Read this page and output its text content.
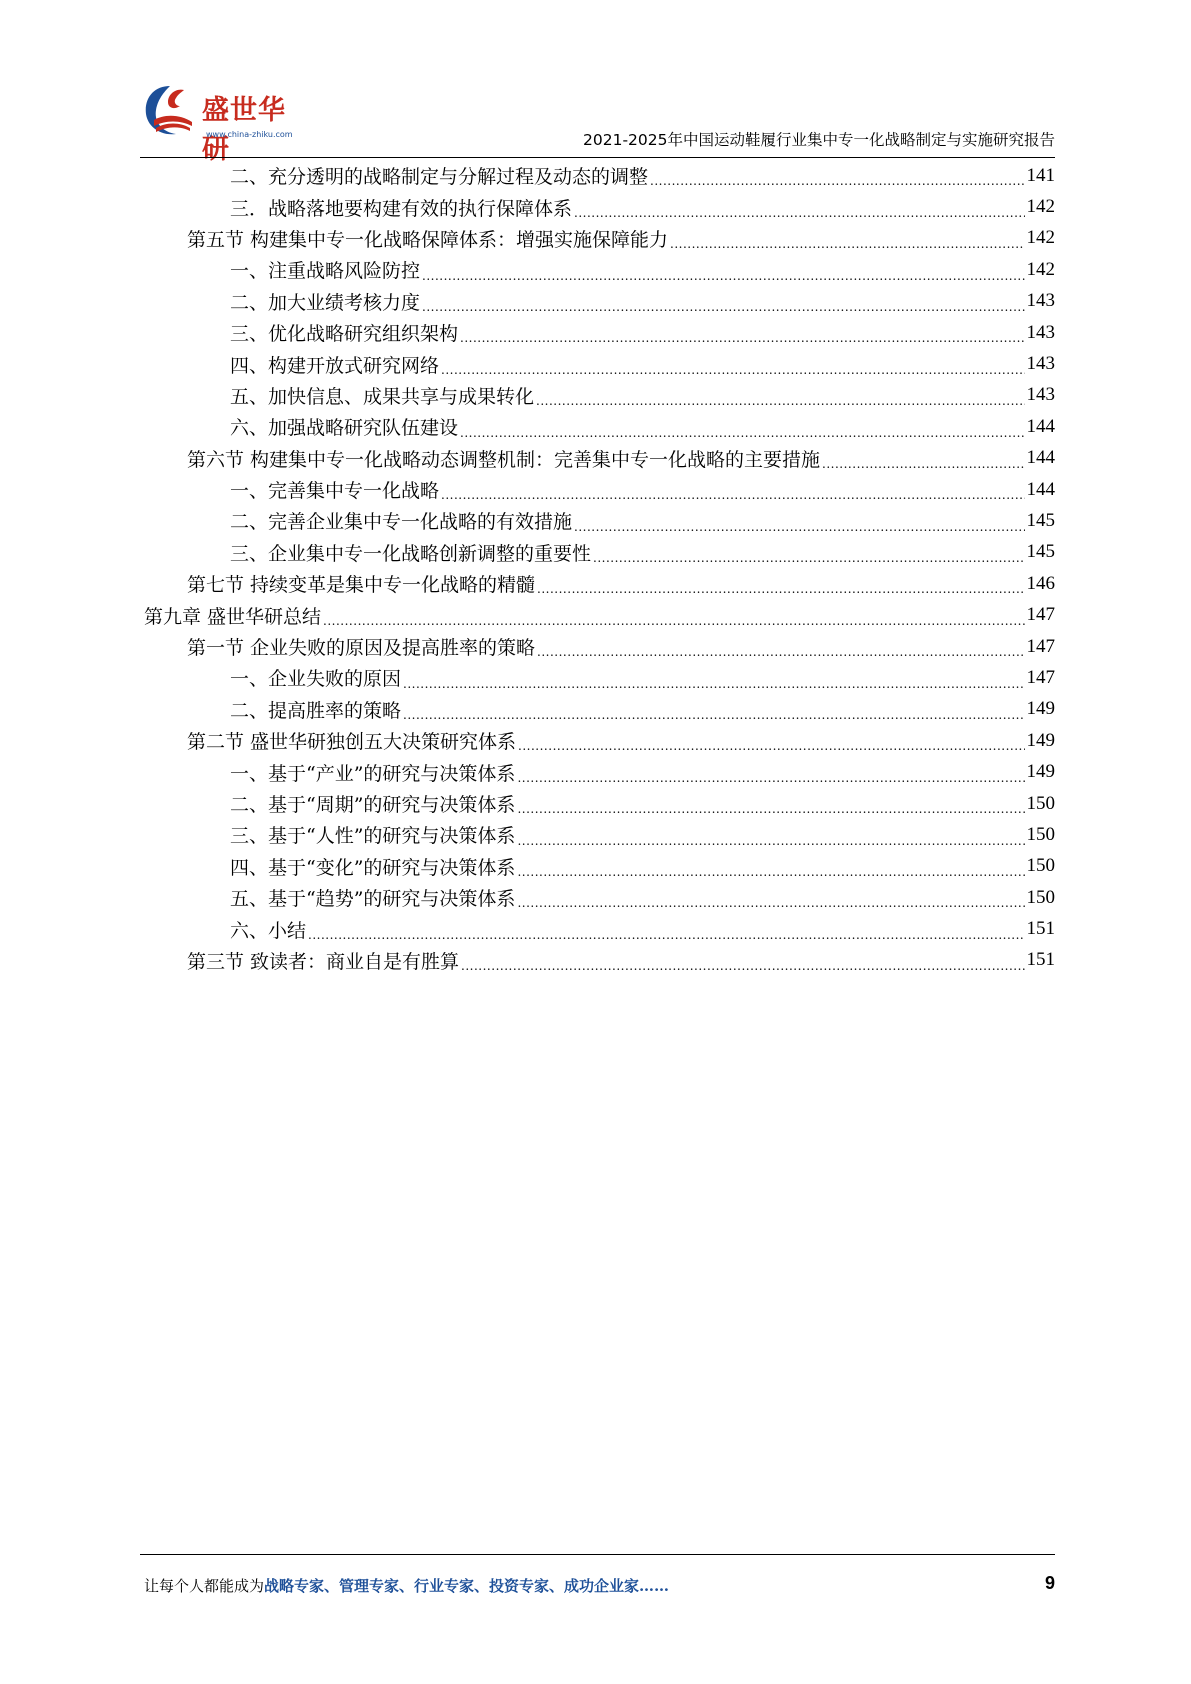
盛世华研
www.china-zhiku.com	2021-2025年中国运动鞋履行业集中专一化战略制定与实施研究报告
二、充分透明的战略制定与分解过程及动态的调整 .....	141
三．战略落地要构建有效的执行保障体系 .....	142
第五节 构建集中专一化战略保障体系：增强实施保障能力 .....	142
一、注重战略风险防控 .....	142
二、加大业绩考核力度 .....	143
三、优化战略研究组织架构 .....	143
四、构建开放式研究网络 .....	143
五、加快信息、成果共享与成果转化 .....	143
六、加强战略研究队伍建设 .....	144
第六节 构建集中专一化战略动态调整机制：完善集中专一化战略的主要措施 .....	144
一、完善集中专一化战略 .....	144
二、完善企业集中专一化战略的有效措施 .....	145
三、企业集中专一化战略创新调整的重要性 .....	145
第七节 持续变革是集中专一化战略的精髓 .....	146
第九章 盛世华研总结 .....	147
第一节 企业失败的原因及提高胜率的策略 .....	147
一、企业失败的原因 .....	147
二、提高胜率的策略 .....	149
第二节 盛世华研独创五大决策研究体系 .....	149
一、基于“产业”的研究与决策体系 .....	149
二、基于“周期”的研究与决策体系 .....	150
三、基于“人性”的研究与决策体系 .....	150
四、基于“变化”的研究与决策体系 .....	150
五、基于“趋势”的研究与决策体系 .....	150
六、小结 .....	151
第三节 致读者：商业自是有胜算 .....	151
让每个人都能成为战略专家、管理专家、行业专家、投资专家、成功企业家……	9
